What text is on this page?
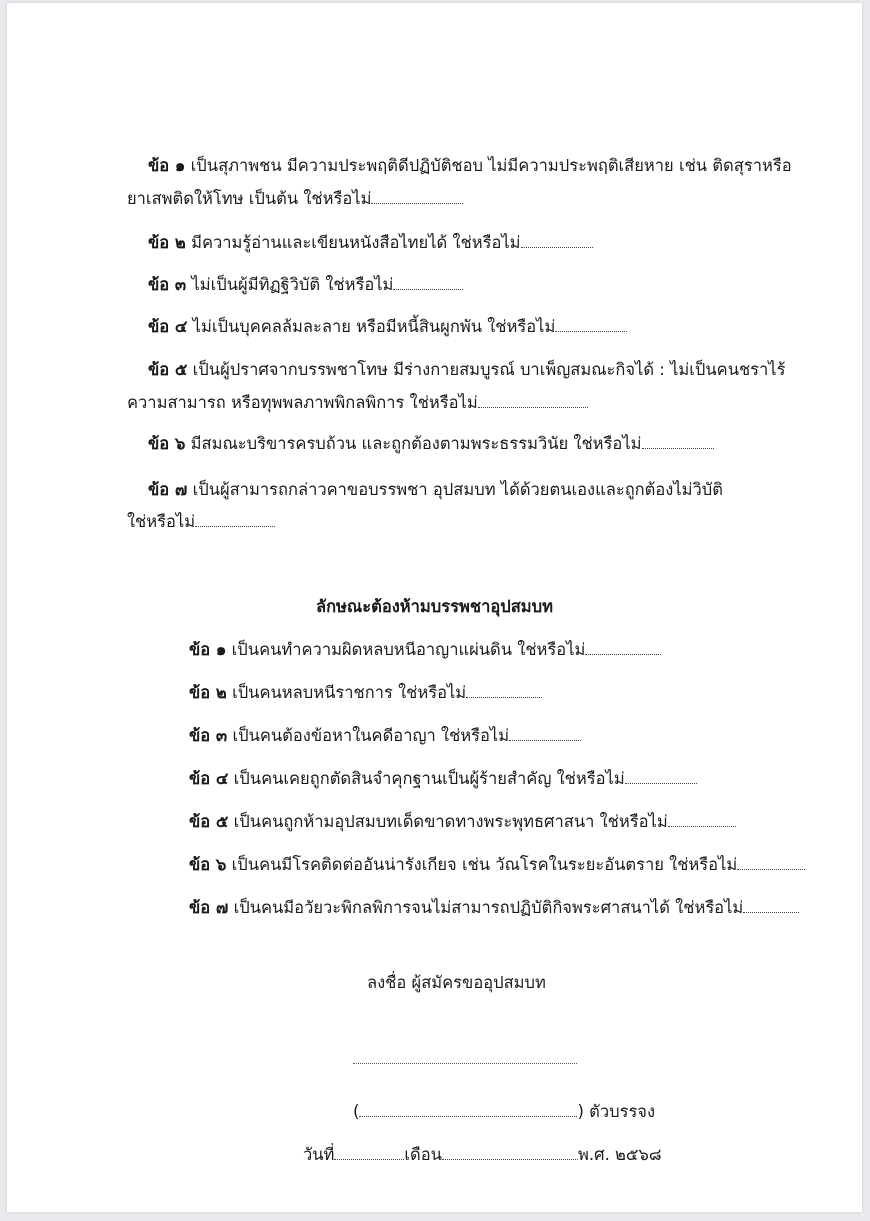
ข้อ ๑ เป็นสุภาพชน มีความประพฤติดีปฏิบัติชอบ ไม่มีความประพฤติเสียหาย เช่น ติดสุราหรือ
ยาเสพติดให้โทษ เป็นต้น ใช่หรือไม่
ข้อ ๒ มีความรู้อ่านและเขียนหนังสือไทยได้ ใช่หรือไม่
ข้อ ๓ ไม่เป็นผู้มีทิฏฐิวิบัติ ใช่หรือไม่
ข้อ ๔ ไม่เป็นบุคคลล้มละลาย หรือมีหนี้สินผูกพัน ใช่หรือไม่
ข้อ ๕ เป็นผู้ปราศจากบรรพชาโทษ มีร่างกายสมบูรณ์ บาเพ็ญสมณะกิจได้ : ไม่เป็นคนชราไร้
ความสามารถ หรือทุพพลภาพพิกลพิการ ใช่หรือไม่
ข้อ ๖ มีสมณะบริขารครบถ้วน และถูกต้องตามพระธรรมวินัย ใช่หรือไม่
ข้อ ๗ เป็นผู้สามารถกล่าวคาขอบรรพชา อุปสมบท ได้ด้วยตนเองและถูกต้องไม่วิบัติ
ใช่หรือไม่
ลักษณะต้องห้ามบรรพชาอุปสมบท
ข้อ ๑ เป็นคนทำความผิดหลบหนีอาญาแผ่นดิน ใช่หรือไม่
ข้อ ๒ เป็นคนหลบหนีราชการ ใช่หรือไม่
ข้อ ๓ เป็นคนต้องข้อหาในคดีอาญา ใช่หรือไม่
ข้อ ๔ เป็นคนเคยถูกตัดสินจำคุกฐานเป็นผู้ร้ายสำคัญ ใช่หรือไม่
ข้อ ๕ เป็นคนถูกห้ามอุปสมบทเด็ดขาดทางพระพุทธศาสนา ใช่หรือไม่
ข้อ ๖ เป็นคนมีโรคติดต่ออันน่ารังเกียจ เช่น วัณโรคในระยะอันตราย ใช่หรือไม่
ข้อ ๗ เป็นคนมีอวัยวะพิกลพิการจนไม่สามารถปฏิบัติกิจพระศาสนาได้ ใช่หรือไม่
ลงชื่อ ผู้สมัครขออุปสมบท
(	) ตัวบรรจง
วันที่	เดือน	พ.ศ. ๒๕๖๘
